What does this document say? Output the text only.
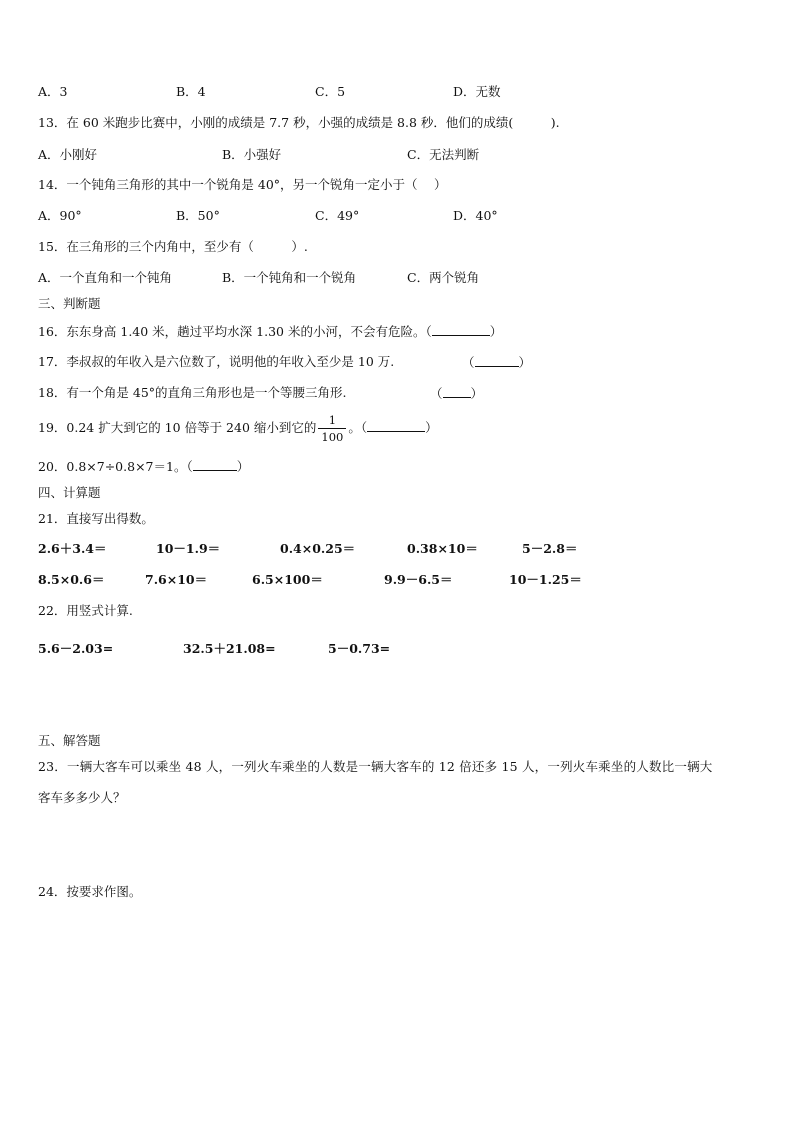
A．3	B．4	C．5	D．无数
13．在 60 米跑步比赛中，小刚的成绩是 7.7 秒，小强的成绩是 8.8 秒．他们的成绩(　　　).
A．小刚好	B．小强好	C．无法判断
14．一个钝角三角形的其中一个锐角是 40°，另一个锐角一定小于（　 ）
A．90°	B．50°	C．49°	D．40°
15．在三角形的三个内角中，至少有（　　　）.
A．一个直角和一个钝角	B．一个钝角和一个锐角	C．两个锐角
三、判断题
16．东东身高 1.40 米，趟过平均水深 1.30 米的小河，不会有危险。（	）
17．李叔叔的年收入是六位数了，说明他的年收入至少是 10 万.	（	）
18．有一个角是 45°的直角三角形也是一个等腰三角形.	（ ）
19．0.24 扩大到它的 10 倍等于 240 缩小到它的 $\frac{1}{100}$ 。（	）
20．0.8×7÷0.8×7＝1。（	）
四、计算题
21．直接写出得数。
2.6＋3.4＝	10－1.9＝	0.4×0.25＝	0.38×10＝	5－2.8＝
8.5×0.6＝	7.6×10＝	6.5×100＝	9.9－6.5＝	10－1.25＝
22．用竖式计算.
5.6－2.03=	32.5＋21.08=	5－0.73=
五、解答题
23．一辆大客车可以乘坐 48 人，一列火车乘坐的人数是一辆大客车的 12 倍还多 15 人，一列火车乘坐的人数比一辆大
客车多多少人？
24．按要求作图。
